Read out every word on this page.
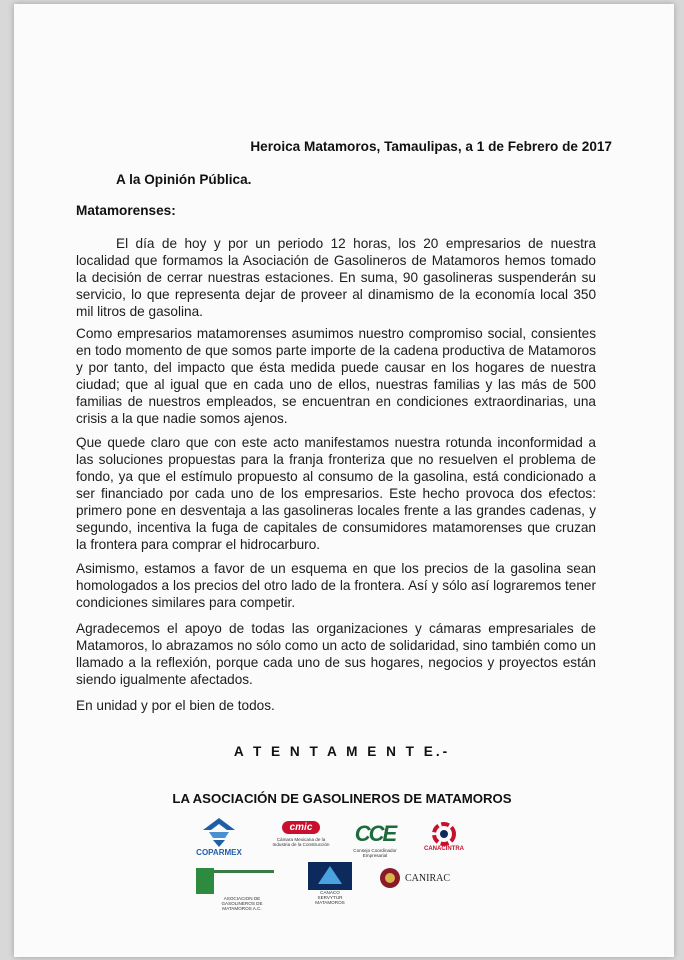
Heroica Matamoros, Tamaulipas, a 1 de Febrero de 2017
A la Opinión Pública.
Matamorenses:
El día de hoy y por un periodo 12 horas, los 20 empresarios de nuestra localidad que formamos la Asociación de Gasolineros de Matamoros hemos tomado la decisión de cerrar nuestras estaciones. En suma, 90 gasolineras suspenderán su servicio, lo que representa dejar de proveer al dinamismo de la economía local 350 mil litros de gasolina.
Como empresarios matamorenses asumimos nuestro compromiso social, consientes en todo momento de que somos parte importe de la cadena productiva de Matamoros y por tanto, del impacto que ésta medida puede causar en los hogares de nuestra ciudad; que al igual que en cada uno de ellos, nuestras familias y las más de 500 familias de nuestros empleados, se encuentran en condiciones extraordinarias, una crisis a la que nadie somos ajenos.
Que quede claro que con este acto manifestamos nuestra rotunda inconformidad a las soluciones propuestas para la franja fronteriza que no resuelven el problema de fondo, ya que el estímulo propuesto al consumo de la gasolina, está condicionado a ser financiado por cada uno de los empresarios. Este hecho provoca dos efectos: primero pone en desventaja a las gasolineras locales frente a las grandes cadenas, y segundo, incentiva la fuga de capitales de consumidores matamorenses que cruzan la frontera para comprar el hidrocarburo.
Asimismo, estamos a favor de un esquema en que los precios de la gasolina sean homologados a los precios del otro lado de la frontera. Así y sólo así lograremos tener condiciones similares para competir.
Agradecemos el apoyo de todas las organizaciones y cámaras empresariales de Matamoros, lo abrazamos no sólo como un acto de solidaridad, sino también como un llamado a la reflexión, porque cada uno de sus hogares, negocios y proyectos están siendo igualmente afectados.
En unidad y por el bien de todos.
A T E N T A M E N T E.-
LA ASOCIACIÓN DE GASOLINEROS DE MATAMOROS
COPARMEX
cmic
Cámara Mexicana de la Industria de la Construcción CCE
Consejo Coordinador Empresarial
CANACINTRA
ASOCIACION DE GASOLINEROS DE MATAMOROS A.C.
CANACO SERVYTUR MATAMOROS
CANIRAC
